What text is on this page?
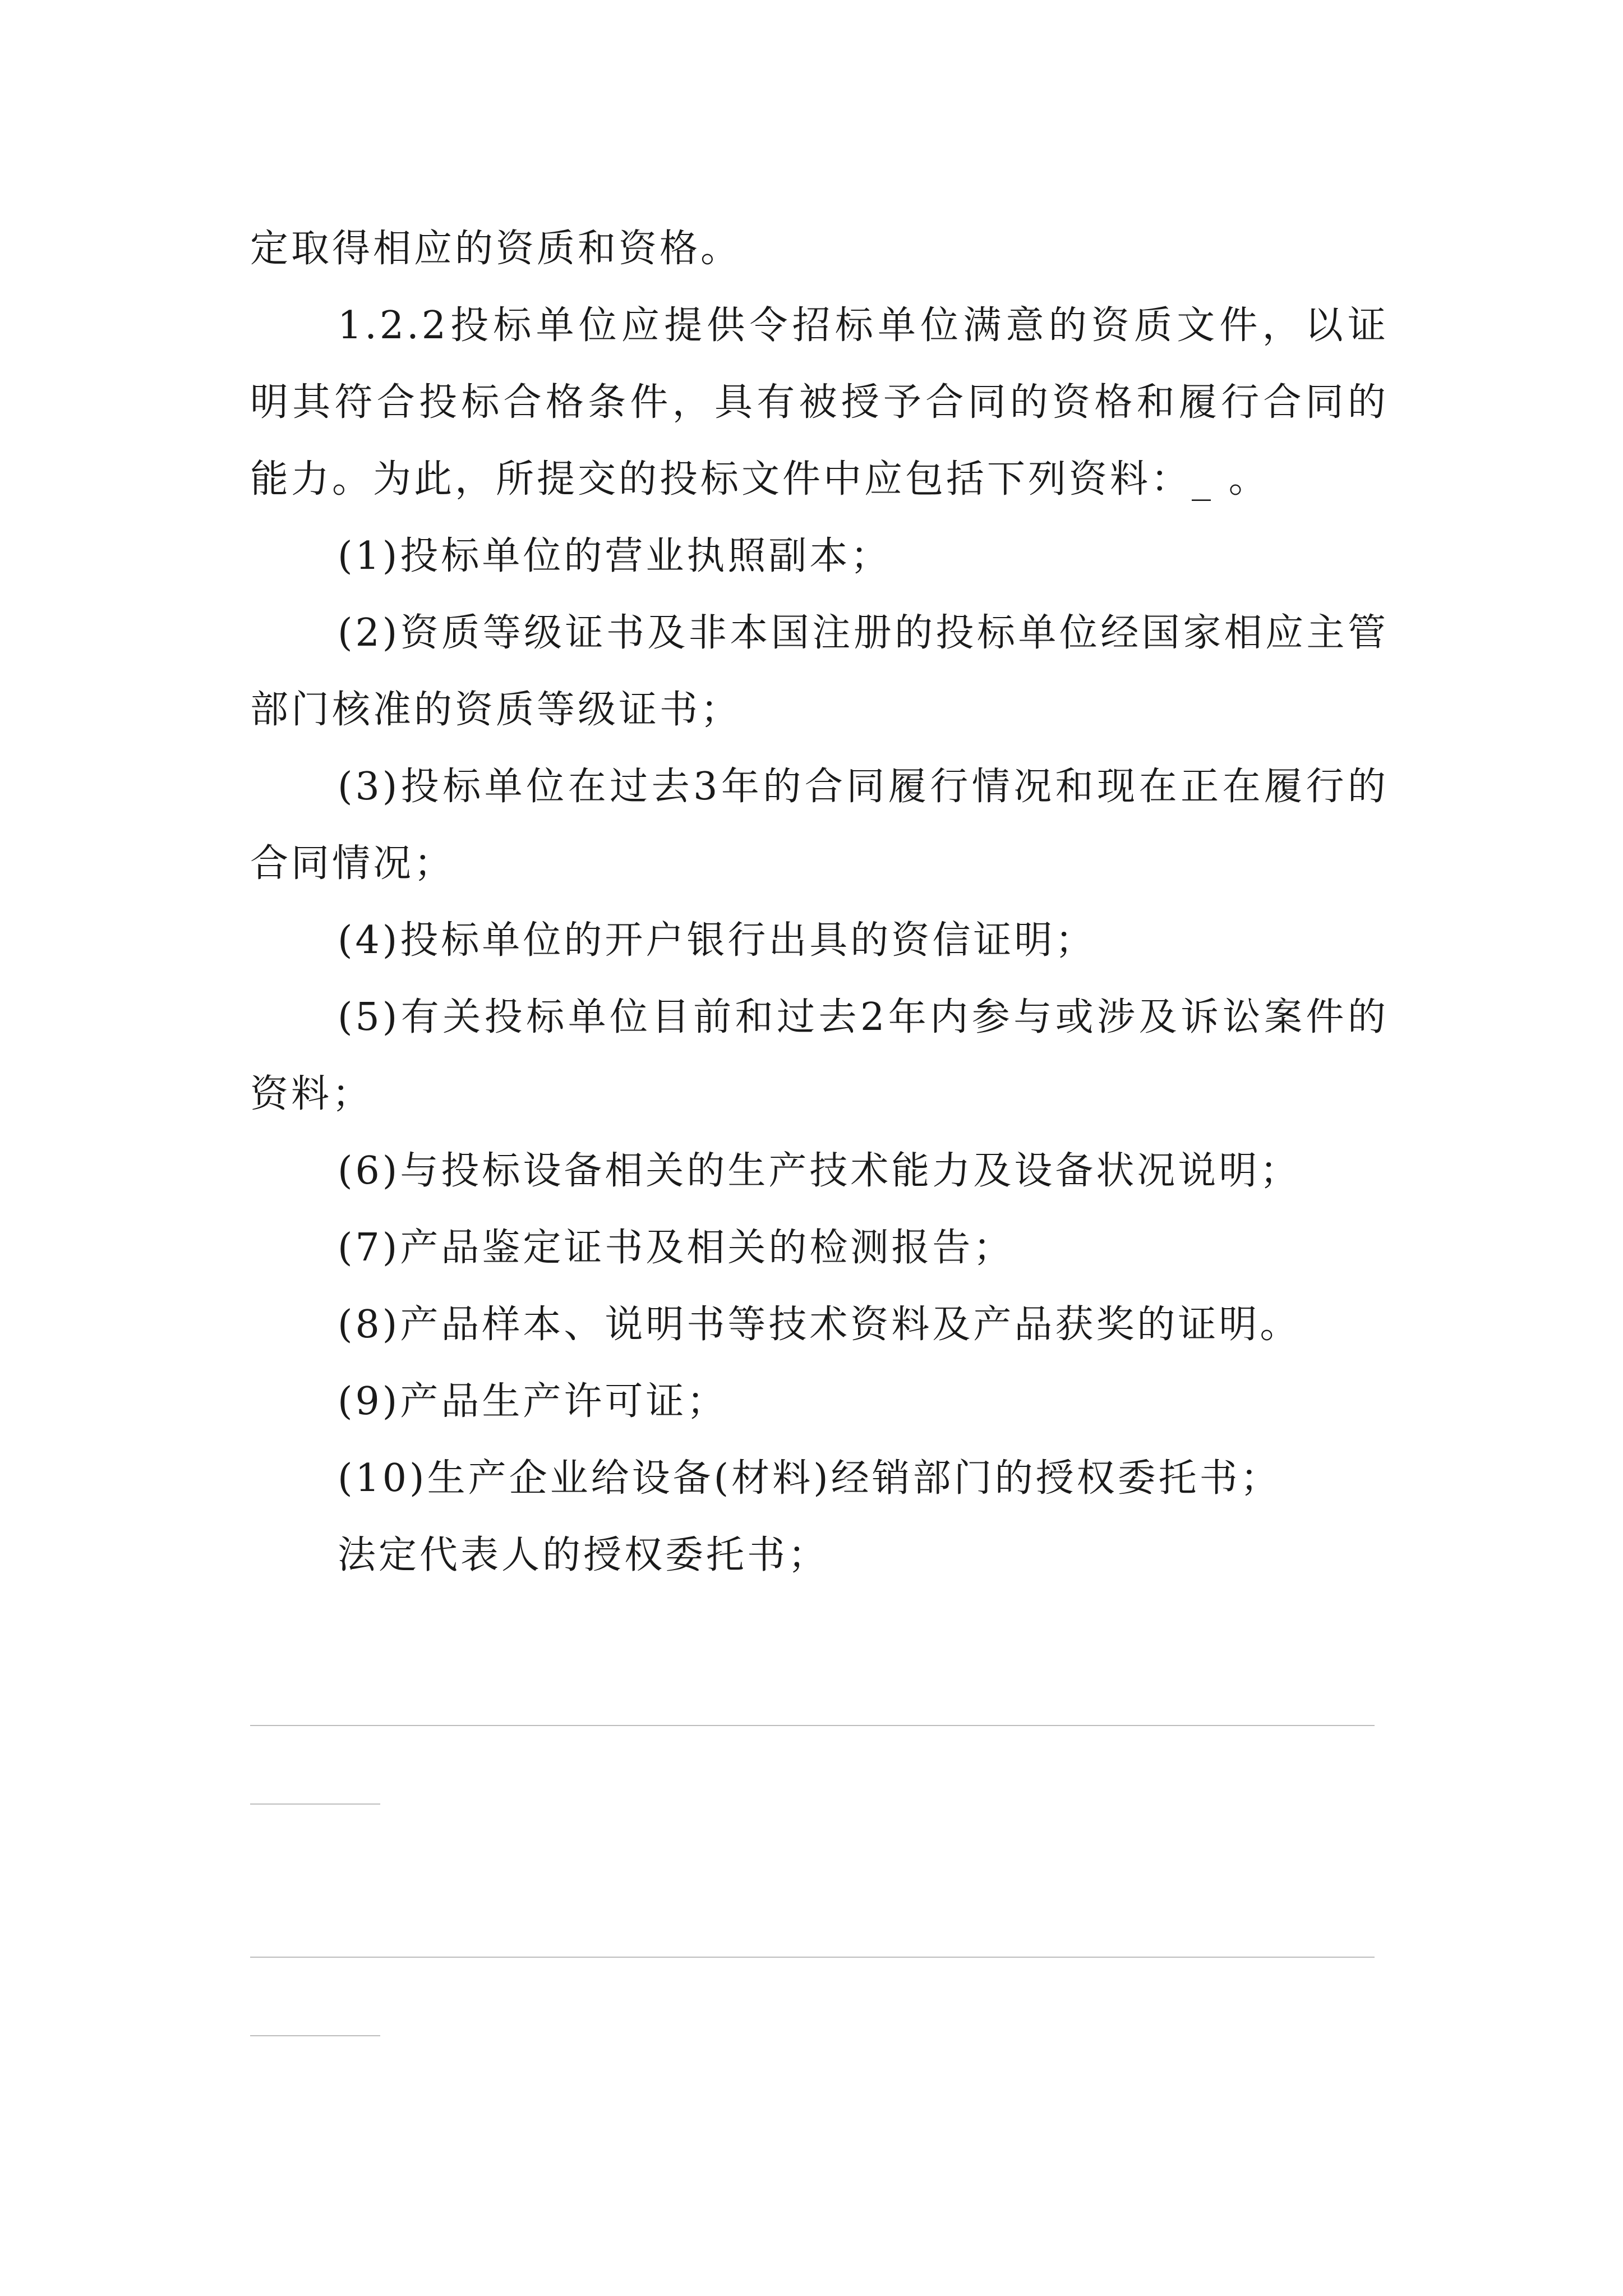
定取得相应的资质和资格。

1.2.2投标单位应提供令招标单位满意的资质文件，以证明其符合投标合格条件，具有被授予合同的资格和履行合同的能力。为此，所提交的投标文件中应包括下列资料：_ 。

(1)投标单位的营业执照副本；

(2)资质等级证书及非本国注册的投标单位经国家相应主管部门核准的资质等级证书；

(3)投标单位在过去3年的合同履行情况和现在正在履行的合同情况；

(4)投标单位的开户银行出具的资信证明；

(5)有关投标单位目前和过去2年内参与或涉及诉讼案件的资料；

(6)与投标设备相关的生产技术能力及设备状况说明；

(7)产品鉴定证书及相关的检测报告；

(8)产品样本、说明书等技术资料及产品获奖的证明。

(9)产品生产许可证；

(10)生产企业给设备(材料)经销部门的授权委托书；

法定代表人的授权委托书；
